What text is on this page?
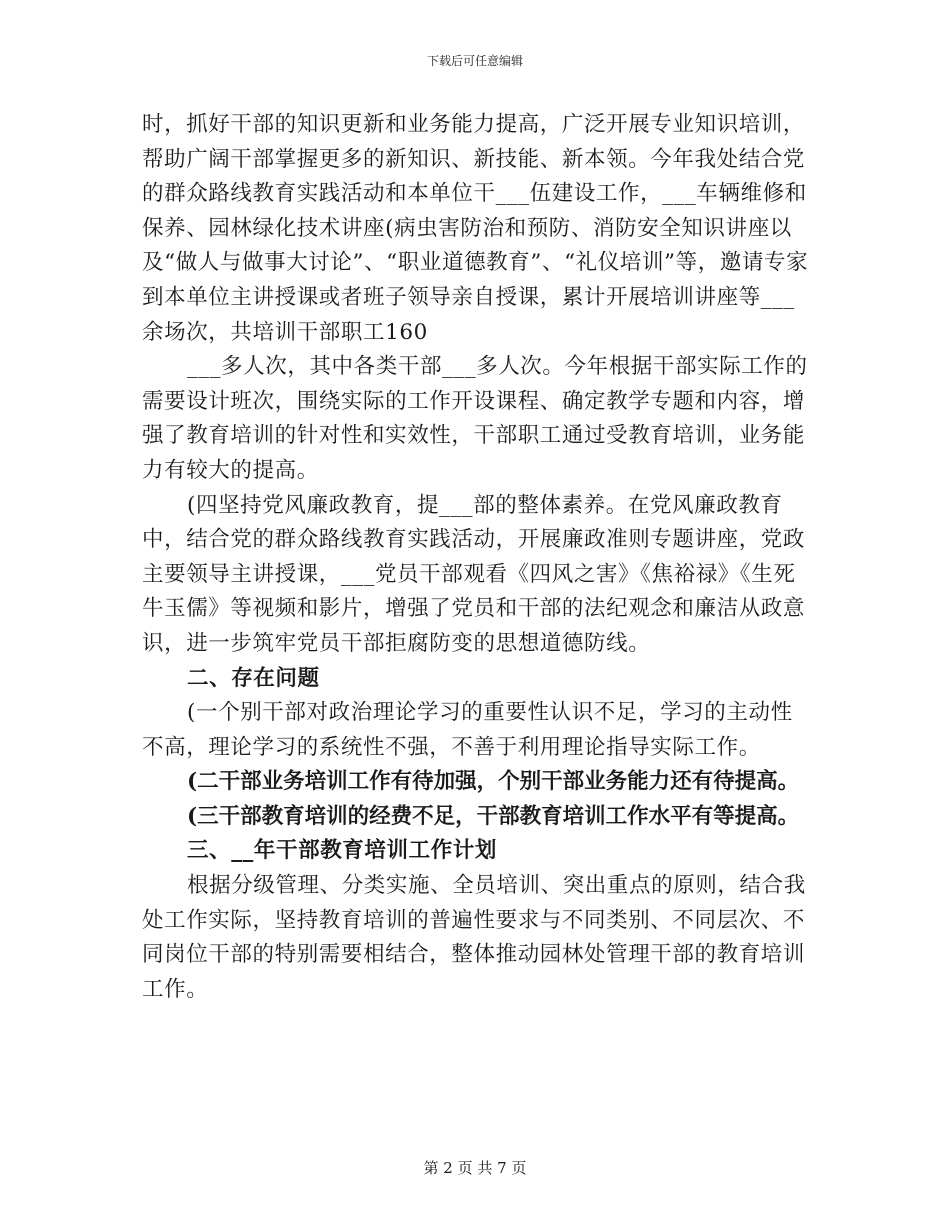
下载后可任意编辑

时，抓好干部的知识更新和业务能力提高，广泛开展专业知识培训，帮助广阔干部掌握更多的新知识、新技能、新本领。今年我处结合党的群众路线教育实践活动和本单位干___伍建设工作，___车辆维修和保养、园林绿化技术讲座(病虫害防治和预防、消防安全知识讲座以及“做人与做事大讨论”、“职业道德教育”、“礼仪培训”等，邀请专家到本单位主讲授课或者班子领导亲自授课，累计开展培训讲座等___余场次，共培训干部职工160

___多人次，其中各类干部___多人次。今年根据干部实际工作的需要设计班次，围绕实际的工作开设课程、确定教学专题和内容，增强了教育培训的针对性和实效性，干部职工通过受教育培训，业务能力有较大的提高。

(四坚持党风廉政教育，提___部的整体素养。在党风廉政教育中，结合党的群众路线教育实践活动，开展廉政准则专题讲座，党政主要领导主讲授课，___党员干部观看《四风之害》《焦裕禄》《生死牛玉儒》等视频和影片，增强了党员和干部的法纪观念和廉洁从政意识，进一步筑牢党员干部拒腐防变的思想道德防线。

二、存在问题

(一个别干部对政治理论学习的重要性认识不足，学习的主动性不高，理论学习的系统性不强，不善于利用理论指导实际工作。

(二干部业务培训工作有待加强，个别干部业务能力还有待提高。

(三干部教育培训的经费不足，干部教育培训工作水平有等提高。

三、__年干部教育培训工作计划

根据分级管理、分类实施、全员培训、突出重点的原则，结合我处工作实际，坚持教育培训的普遍性要求与不同类别、不同层次、不同岗位干部的特别需要相结合，整体推动园林处管理干部的教育培训工作。

第 2 页 共 7 页
